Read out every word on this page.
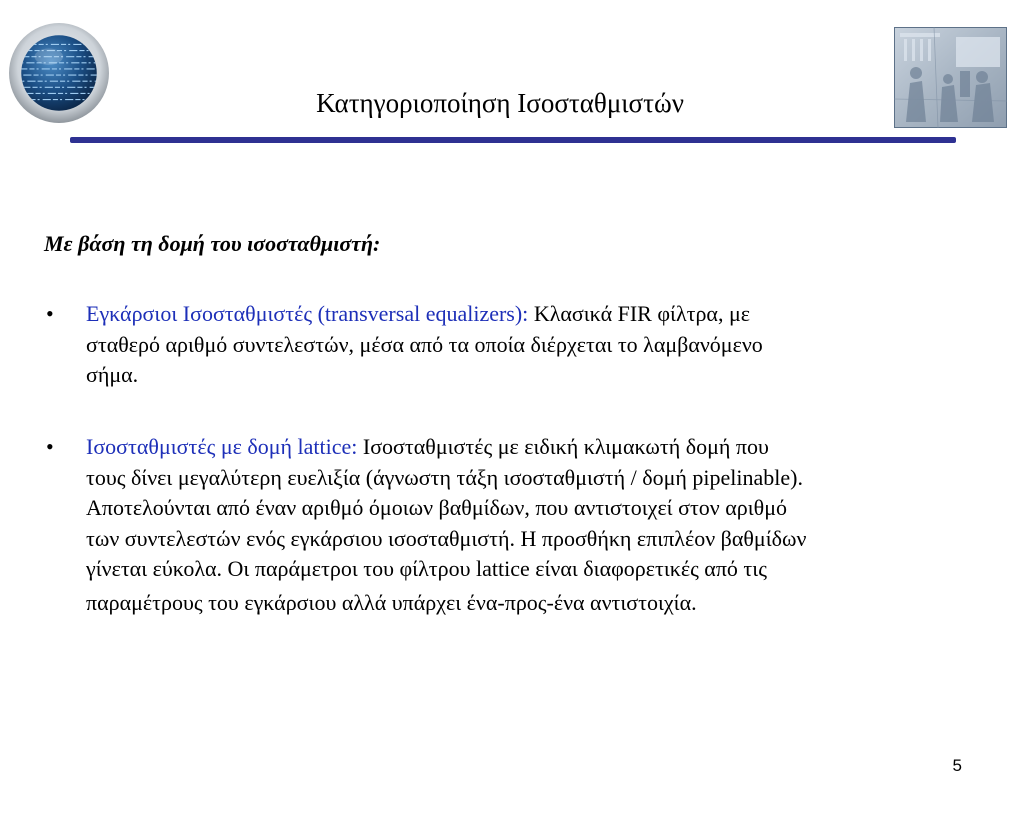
Κατηγοριοποίηση Ισοσταθμιστών
Με βάση τη δομή του ισοσταθμιστή:
• Εγκάρσιοι Ισοσταθμιστές (transversal equalizers): Κλασικά FIR φίλτρα, με
σταθερό αριθμό συντελεστών, μέσα από τα οποία διέρχεται το λαμβανόμενο
σήμα.
• Ισοσταθμιστές με δομή lattice: Ισοσταθμιστές με ειδική κλιμακωτή δομή που
τους δίνει μεγαλύτερη ευελιξία (άγνωστη τάξη ισοσταθμιστή / δομή pipelinable).
Αποτελούνται από έναν αριθμό όμοιων βαθμίδων, που αντιστοιχεί στον αριθμό
των συντελεστών ενός εγκάρσιου ισοσταθμιστή. Η προσθήκη επιπλέον βαθμίδων
γίνεται εύκολα. Οι παράμετροι του φίλτρου lattice είναι διαφορετικές από τις
παραμέτρους του εγκάρσιου αλλά υπάρχει ένα-προς-ένα αντιστοιχία.
5
